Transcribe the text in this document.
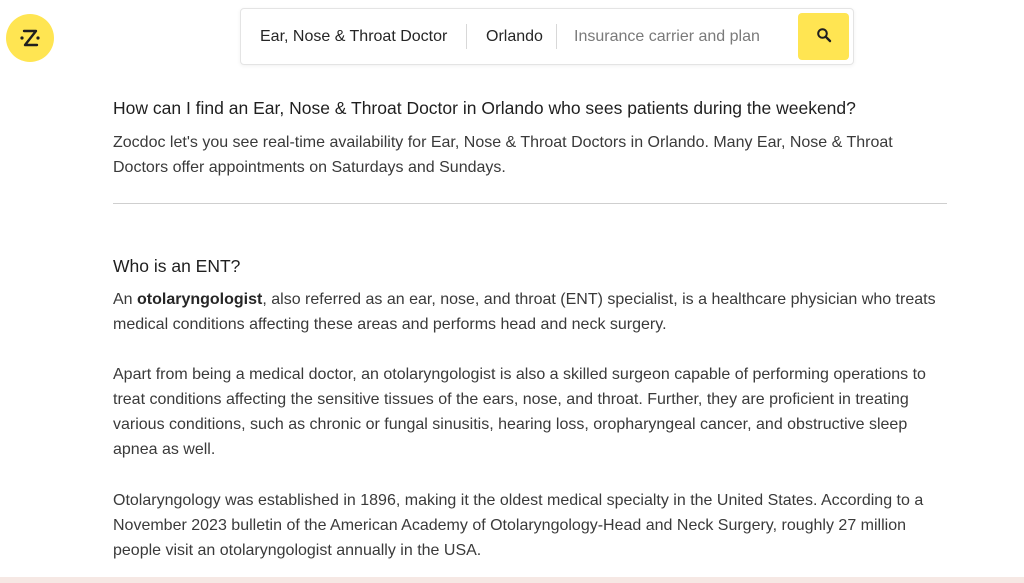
Ear, Nose & Throat Doctor	Orlando
Insurance carrier and plan
How can I find an Ear, Nose & Throat Doctor in Orlando who sees patients during the weekend?

Zocdoc let's you see real-time availability for Ear, Nose & Throat Doctors in Orlando. Many Ear, Nose & Throat Doctors offer appointments on Saturdays and Sundays.

Who is an ENT?

An otolaryngologist, also referred as an ear, nose, and throat (ENT) specialist, is a healthcare physician who treats medical conditions affecting these areas and performs head and neck surgery.

Apart from being a medical doctor, an otolaryngologist is also a skilled surgeon capable of performing operations to treat conditions affecting the sensitive tissues of the ears, nose, and throat. Further, they are proficient in treating various conditions, such as chronic or fungal sinusitis, hearing loss, oropharyngeal cancer, and obstructive sleep apnea as well.

Otolaryngology was established in 1896, making it the oldest medical specialty in the United States. According to a November 2023 bulletin of the American Academy of Otolaryngology-Head and Neck Surgery, roughly 27 million people visit an otolaryngologist annually in the USA.
